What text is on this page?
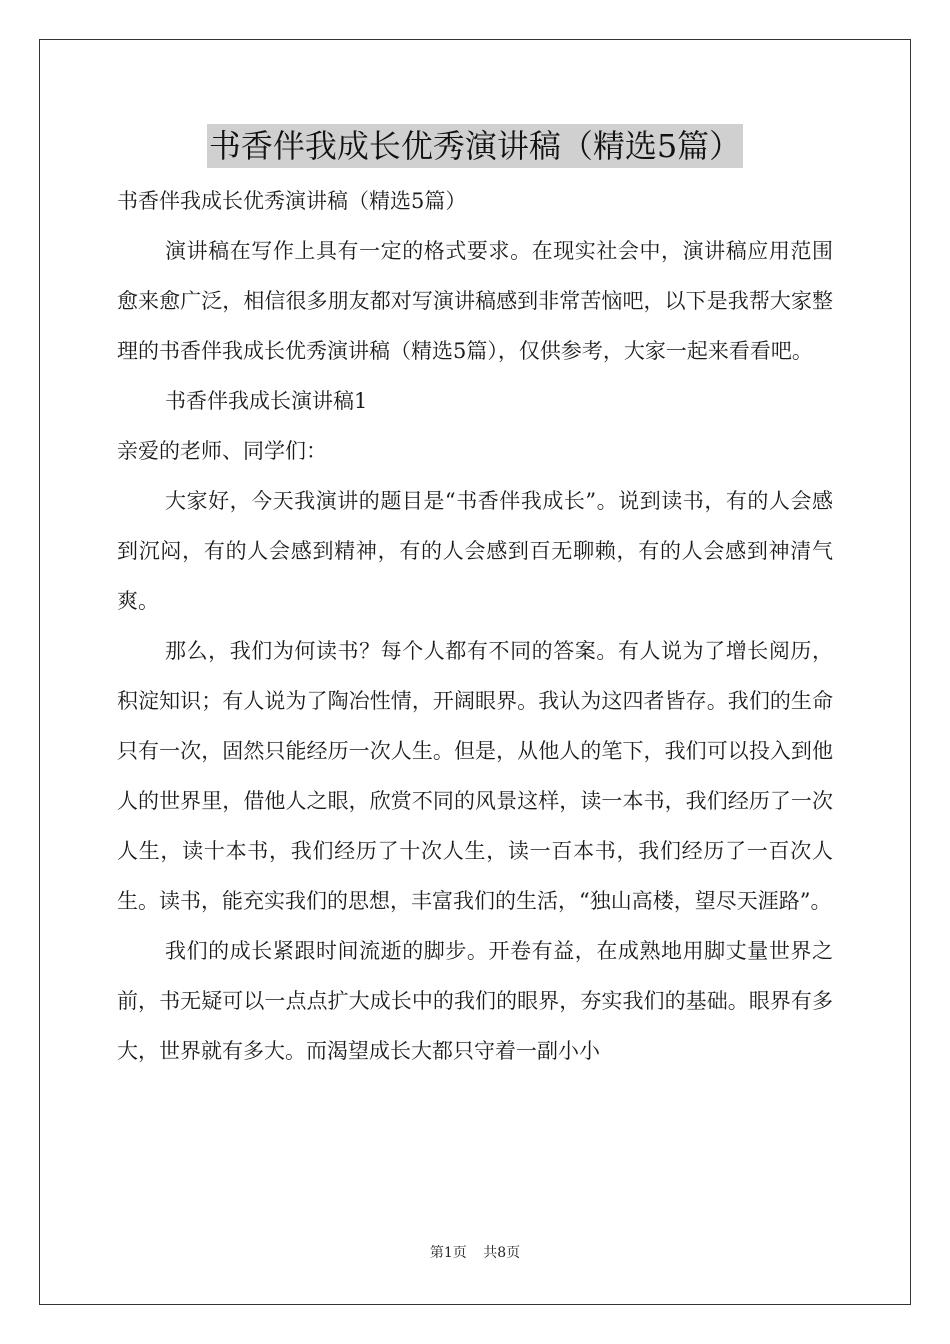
书香伴我成长优秀演讲稿（精选5篇）

书香伴我成长优秀演讲稿（精选5篇）

演讲稿在写作上具有一定的格式要求。在现实社会中，演讲稿应用范围愈来愈广泛，相信很多朋友都对写演讲稿感到非常苦恼吧，以下是我帮大家整理的书香伴我成长优秀演讲稿（精选5篇），仅供参考，大家一起来看看吧。

书香伴我成长演讲稿1

亲爱的老师、同学们：

大家好，今天我演讲的题目是“书香伴我成长”。说到读书，有的人会感到沉闷，有的人会感到精神，有的人会感到百无聊赖，有的人会感到神清气爽。

那么，我们为何读书？每个人都有不同的答案。有人说为了增长阅历，积淀知识；有人说为了陶冶性情，开阔眼界。我认为这四者皆存。我们的生命只有一次，固然只能经历一次人生。但是，从他人的笔下，我们可以投入到他人的世界里，借他人之眼，欣赏不同的风景这样，读一本书，我们经历了一次人生，读十本书，我们经历了十次人生，读一百本书，我们经历了一百次人生。读书，能充实我们的思想，丰富我们的生活，“独山高楼，望尽天涯路”。

我们的成长紧跟时间流逝的脚步。开卷有益，在成熟地用脚丈量世界之前，书无疑可以一点点扩大成长中的我们的眼界，夯实我们的基础。眼界有多大，世界就有多大。而渴望成长大都只守着一副小小

第1页 共8页
